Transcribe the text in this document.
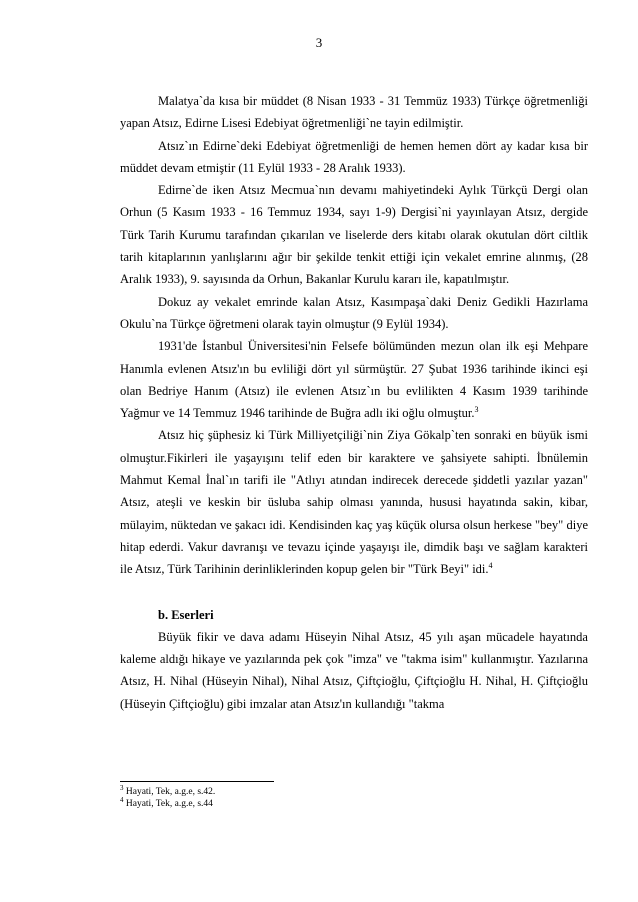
3

Malatya`da kısa bir müddet (8 Nisan 1933 - 31 Temmüz 1933) Türkçe öğretmenliği yapan Atsız, Edirne Lisesi Edebiyat öğretmenliği`ne tayin edilmiştir.

Atsız`ın Edirne`deki Edebiyat öğretmenliği de hemen hemen dört ay kadar kısa bir müddet devam etmiştir (11 Eylül 1933 - 28 Aralık 1933).

Edirne`de iken Atsız Mecmua`nın devamı mahiyetindeki Aylık Türkçü Dergi olan Orhun (5 Kasım 1933 - 16 Temmuz 1934, sayı 1-9) Dergisi`ni yayınlayan Atsız, dergide Türk Tarih Kurumu tarafından çıkarılan ve liselerde ders kitabı olarak okutulan dört ciltlik tarih kitaplarının yanlışlarını ağır bir şekilde tenkit ettiği için vekalet emrine alınmış, (28 Aralık 1933), 9. sayısında da Orhun, Bakanlar Kurulu kararı ile, kapatılmıştır.

Dokuz ay vekalet emrinde kalan Atsız, Kasımpaşa`daki Deniz Gedikli Hazırlama Okulu`na Türkçe öğretmeni olarak tayin olmuştur (9 Eylül 1934).

1931'de İstanbul Üniversitesi'nin Felsefe bölümünden mezun olan ilk eşi Mehpare Hanımla evlenen Atsız'ın bu evliliği dört yıl sürmüştür. 27 Şubat 1936 tarihinde ikinci eşi olan Bedriye Hanım (Atsız) ile evlenen Atsız`ın bu evlilikten 4 Kasım 1939 tarihinde Yağmur ve 14 Temmuz 1946 tarihinde de Buğra adlı iki oğlu olmuştur.$^3$

Atsız hiç şüphesiz ki Türk Milliyetçiliği`nin Ziya Gökalp`ten sonraki en büyük ismi olmuştur.Fikirleri ile yaşayışını telif eden bir karaktere ve şahsiyete sahipti. İbnülemin Mahmut Kemal İnal`ın tarifi ile "Atlıyı atından indirecek derecede şiddetli yazılar yazan" Atsız, ateşli ve keskin bir üsluba sahip olması yanında, hususi hayatında sakin, kibar, mülayim, nüktedan ve şakacı idi. Kendisinden kaç yaş küçük olursa olsun herkese "bey" diye hitap ederdi. Vakur davranışı ve tevazu içinde yaşayışı ile, dimdik başı ve sağlam karakteri ile Atsız, Türk Tarihinin derinliklerinden kopup gelen bir "Türk Beyi" idi.$^4$

b. Eserleri

Büyük fikir ve dava adamı Hüseyin Nihal Atsız, 45 yılı aşan mücadele hayatında kaleme aldığı hikaye ve yazılarında pek çok "imza" ve "takma isim" kullanmıştır. Yazılarına Atsız, H. Nihal (Hüseyin Nihal), Nihal Atsız, Çiftçioğlu, Çiftçioğlu H. Nihal, H. Çiftçioğlu (Hüseyin Çiftçioğlu) gibi imzalar atan Atsız'ın kullandığı "takma

$^3$ Hayati, Tek, a.g.e, s.42.

$^4$ Hayati, Tek, a.g.e, s.44
